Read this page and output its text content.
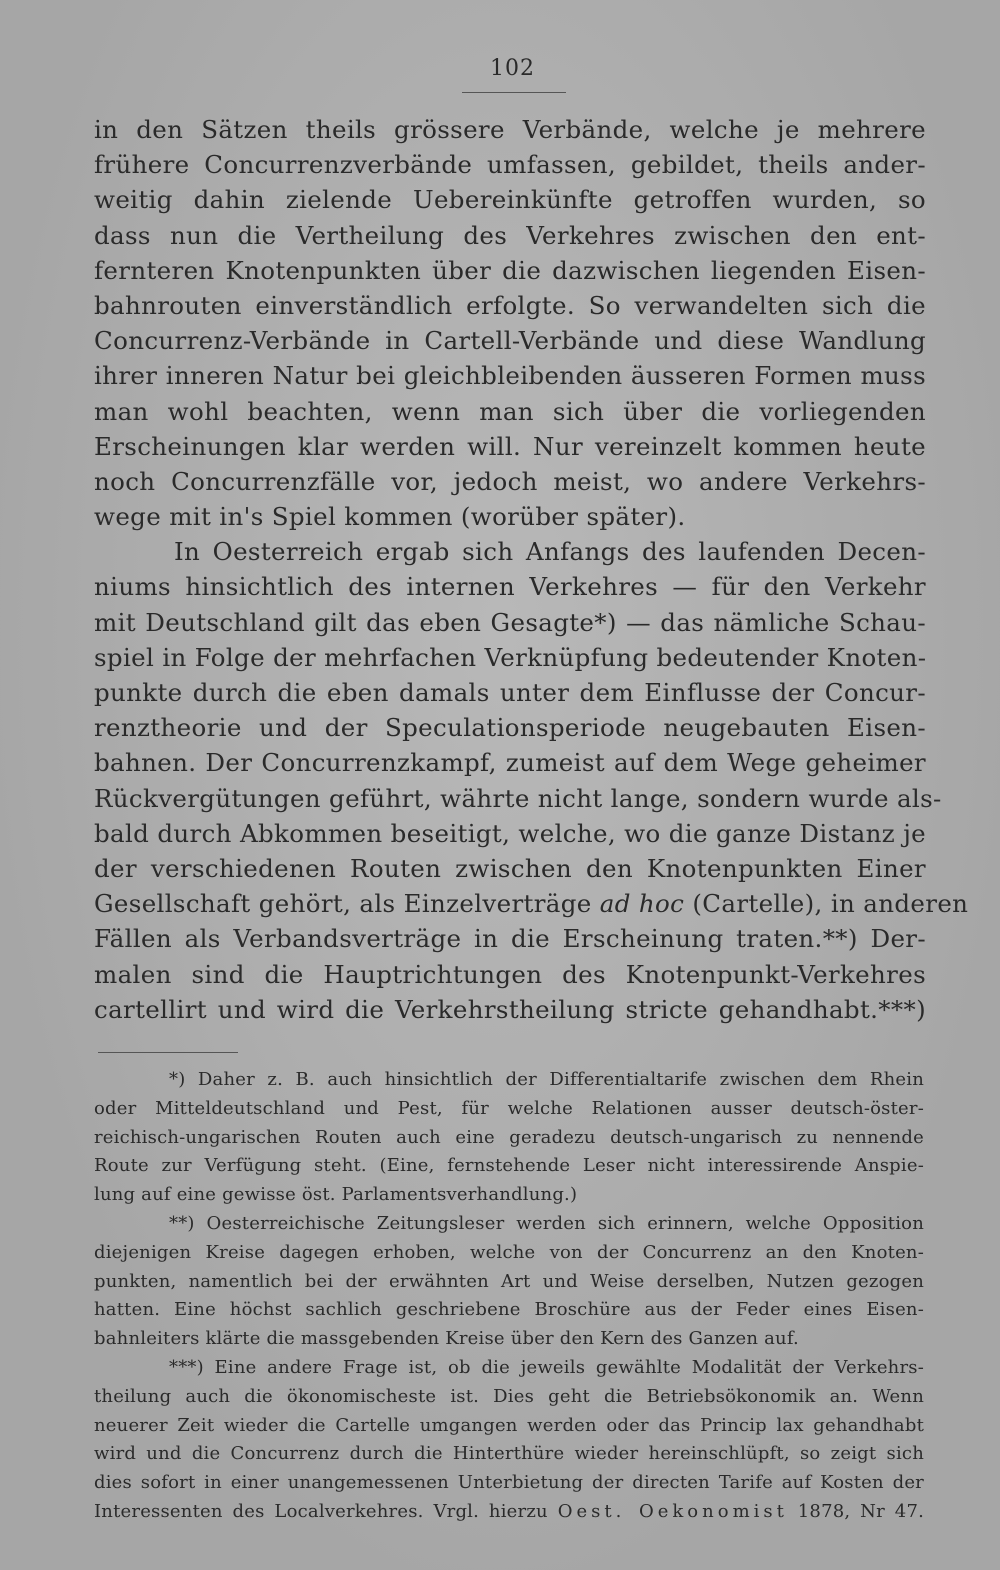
102
in den Sätzen theils grössere Verbände, welche je mehrere
frühere Concurrenzverbände umfassen, gebildet, theils ander-
weitig dahin zielende Uebereinkünfte getroffen wurden, so
dass nun die Vertheilung des Verkehres zwischen den ent-
fernteren Knotenpunkten über die dazwischen liegenden Eisen-
bahnrouten einverständlich erfolgte. So verwandelten sich die
Concurrenz-Verbände in Cartell-Verbände und diese Wandlung
ihrer inneren Natur bei gleichbleibenden äusseren Formen muss
man wohl beachten, wenn man sich über die vorliegenden
Erscheinungen klar werden will. Nur vereinzelt kommen heute
noch Concurrenzfälle vor, jedoch meist, wo andere Verkehrs-
wege mit in's Spiel kommen (worüber später).
In Oesterreich ergab sich Anfangs des laufenden Decen-
niums hinsichtlich des internen Verkehres — für den Verkehr
mit Deutschland gilt das eben Gesagte*) — das nämliche Schau-
spiel in Folge der mehrfachen Verknüpfung bedeutender Knoten-
punkte durch die eben damals unter dem Einflusse der Concur-
renztheorie und der Speculationsperiode neugebauten Eisen-
bahnen. Der Concurrenzkampf, zumeist auf dem Wege geheimer
Rückvergütungen geführt, währte nicht lange, sondern wurde als-
bald durch Abkommen beseitigt, welche, wo die ganze Distanz je
der verschiedenen Routen zwischen den Knotenpunkten Einer
Gesellschaft gehört, als Einzelverträge ad hoc (Cartelle), in anderen
Fällen als Verbandsverträge in die Erscheinung traten.**) Der-
malen sind die Hauptrichtungen des Knotenpunkt-Verkehres
cartellirt und wird die Verkehrstheilung stricte gehandhabt.***)
*) Daher z. B. auch hinsichtlich der Differentialtarife zwischen dem Rhein
oder Mitteldeutschland und Pest, für welche Relationen ausser deutsch-öster-
reichisch-ungarischen Routen auch eine geradezu deutsch-ungarisch zu nennende
Route zur Verfügung steht. (Eine, fernstehende Leser nicht interessirende Anspie-
lung auf eine gewisse öst. Parlamentsverhandlung.)
**) Oesterreichische Zeitungsleser werden sich erinnern, welche Opposition
diejenigen Kreise dagegen erhoben, welche von der Concurrenz an den Knoten-
punkten, namentlich bei der erwähnten Art und Weise derselben, Nutzen gezogen
hatten. Eine höchst sachlich geschriebene Broschüre aus der Feder eines Eisen-
bahnleiters klärte die massgebenden Kreise über den Kern des Ganzen auf.
***) Eine andere Frage ist, ob die jeweils gewählte Modalität der Verkehrs-
theilung auch die ökonomischeste ist. Dies geht die Betriebsökonomik an. Wenn
neuerer Zeit wieder die Cartelle umgangen werden oder das Princip lax gehandhabt
wird und die Concurrenz durch die Hinterthüre wieder hereinschlüpft, so zeigt sich
dies sofort in einer unangemessenen Unterbietung der directen Tarife auf Kosten der
Interessenten des Localverkehres. Vrgl. hierzu Oest. Oekonomist 1878, Nr 47.
